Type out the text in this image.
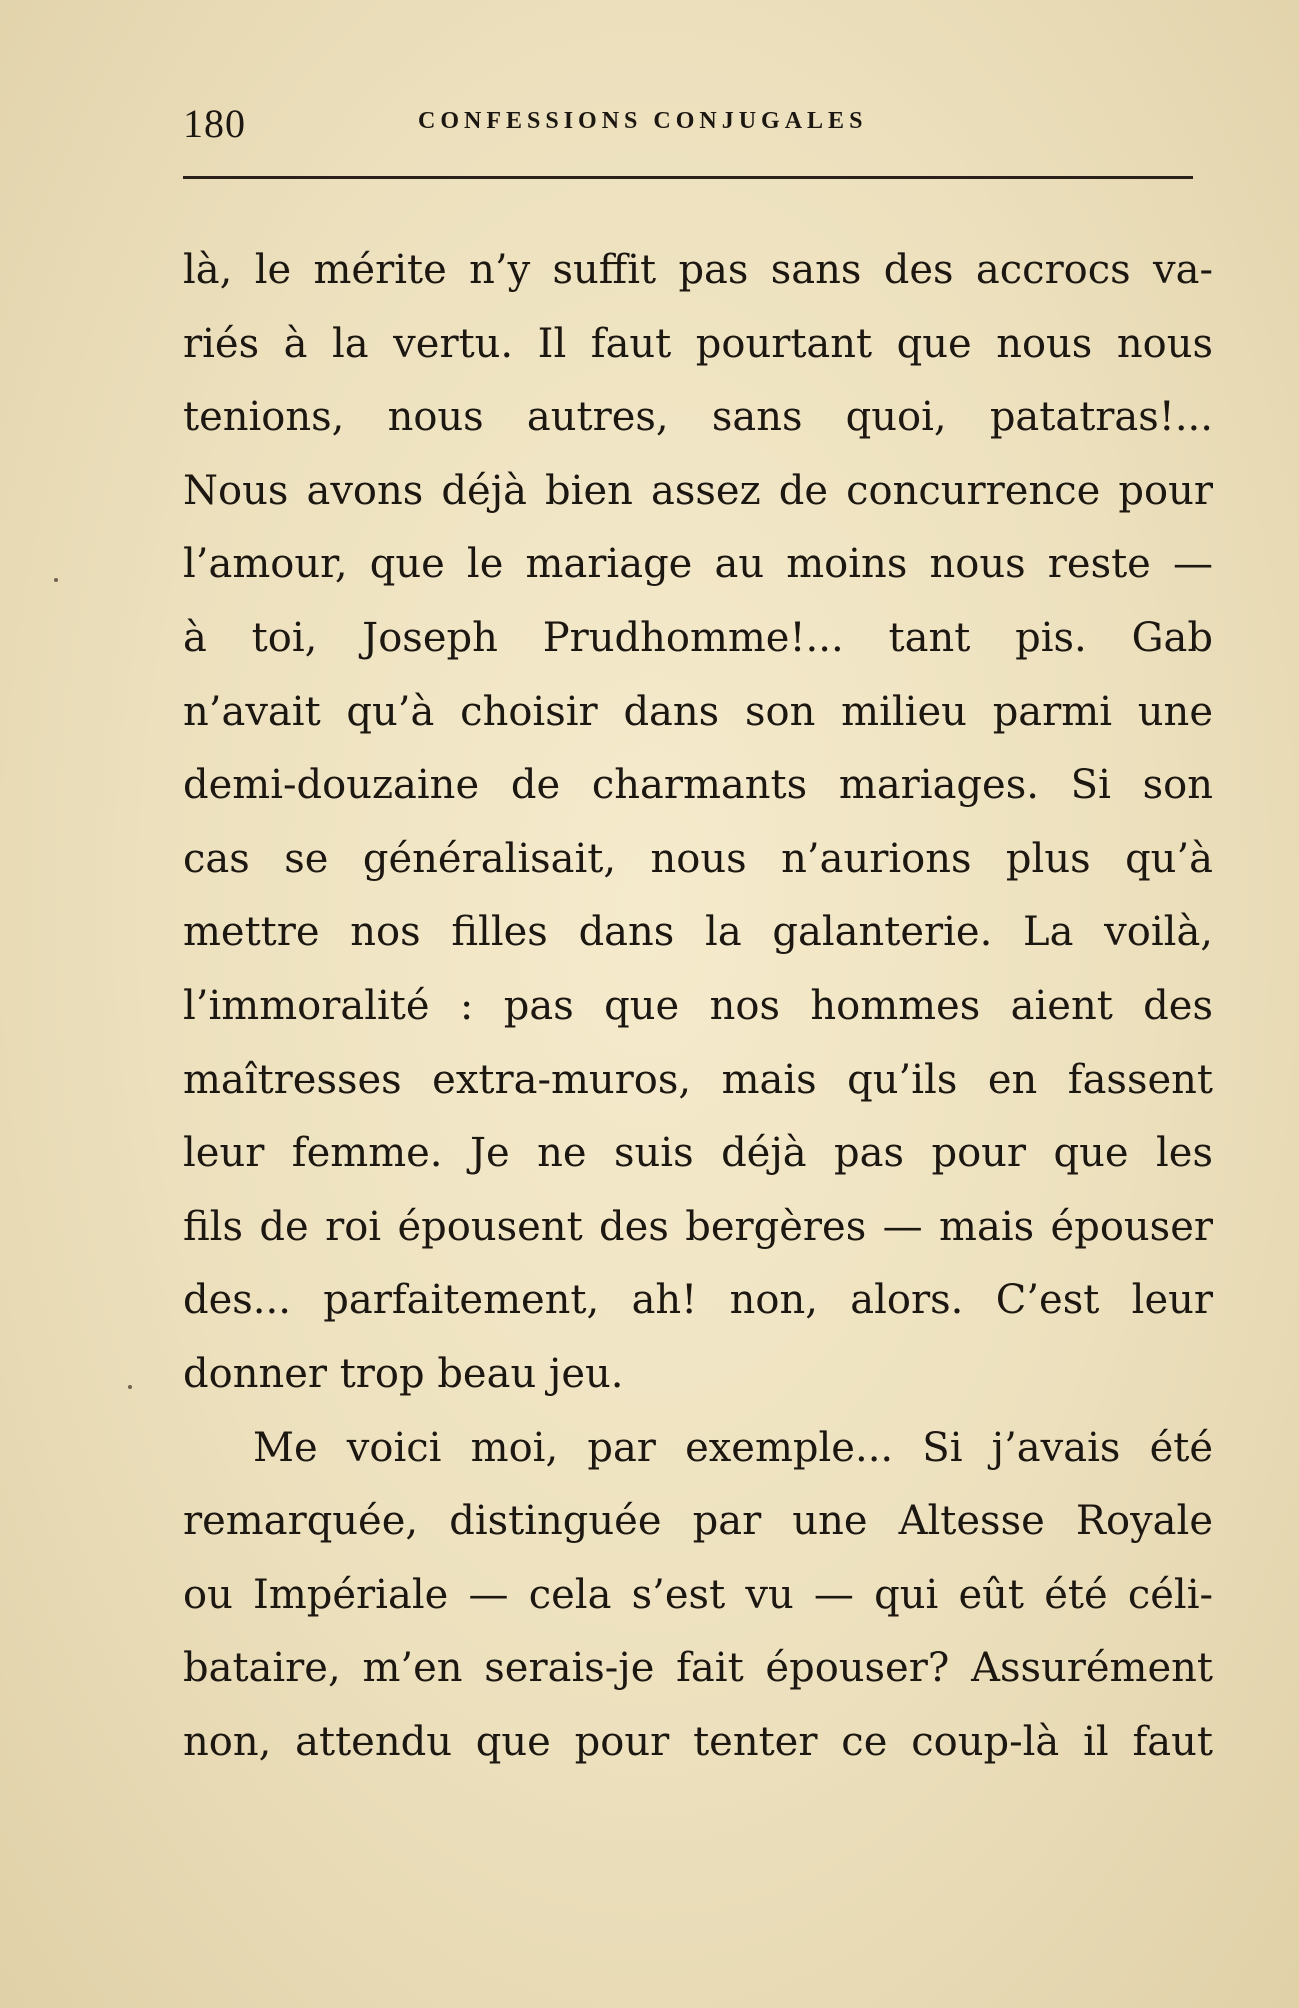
180	CONFESSIONS CONJUGALES
là, le mérite n’y suffit pas sans des accrocs va-
riés à la vertu. Il faut pourtant que nous nous
tenions, nous autres, sans quoi, patatras!...
Nous avons déjà bien assez de concurrence pour
l’amour, que le mariage au moins nous reste —
à toi, Joseph Prudhomme!... tant pis. Gab
n’avait qu’à choisir dans son milieu parmi une
demi-douzaine de charmants mariages. Si son
cas se généralisait, nous n’aurions plus qu’à
mettre nos filles dans la galanterie. La voilà,
l’immoralité : pas que nos hommes aient des
maîtresses extra-muros, mais qu’ils en fassent
leur femme. Je ne suis déjà pas pour que les
fils de roi épousent des bergères — mais épouser
des... parfaitement, ah! non, alors. C’est leur
donner trop beau jeu.
Me voici moi, par exemple... Si j’avais été
remarquée, distinguée par une Altesse Royale
ou Impériale — cela s’est vu — qui eût été céli-
bataire, m’en serais-je fait épouser? Assurément
non, attendu que pour tenter ce coup-là il faut
